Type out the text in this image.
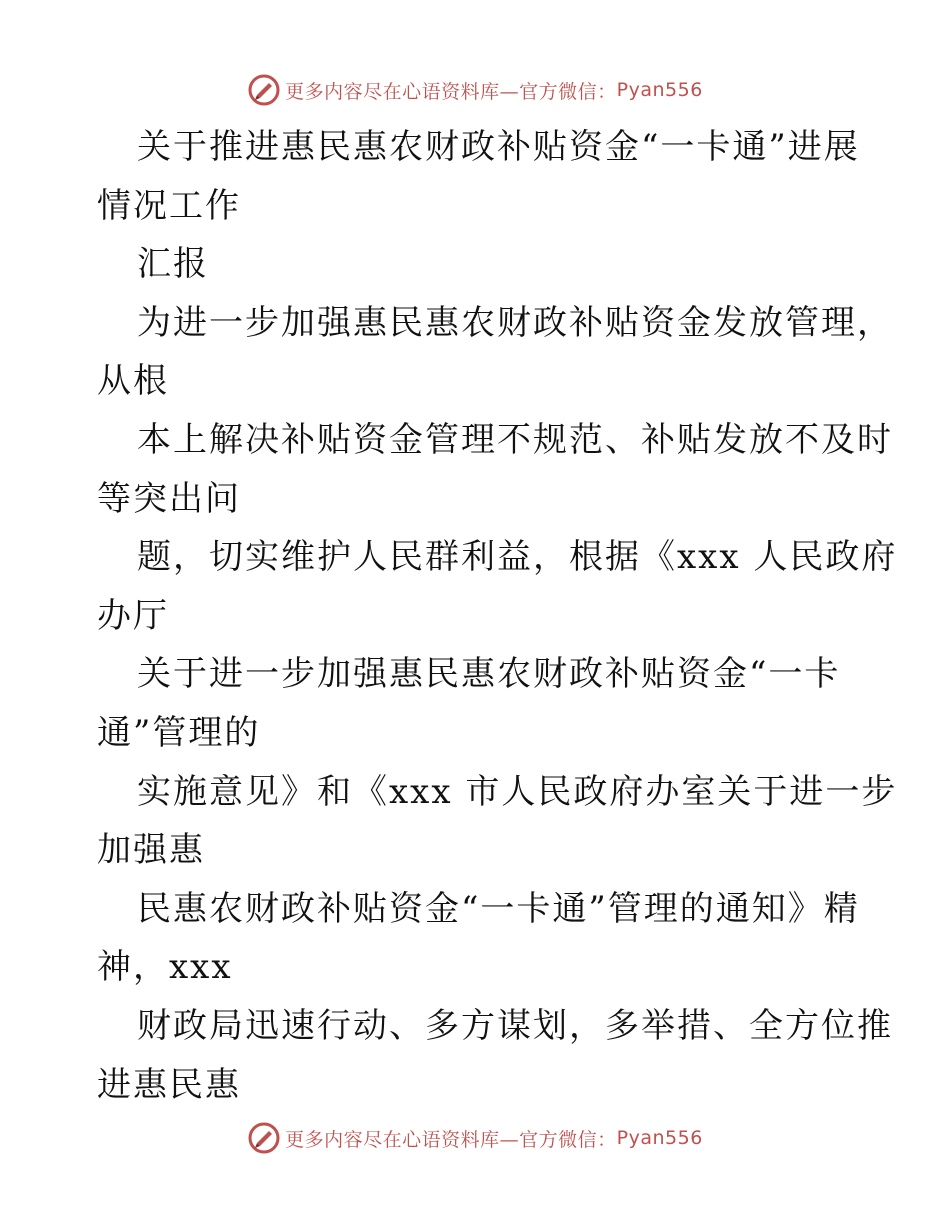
更多内容尽在心语资料库—官方微信： Pyan556
关于推进惠民惠农财政补贴资金“一卡通”进展
情况工作
汇报
为进一步加强惠民惠农财政补贴资金发放管理，
从根
本上解决补贴资金管理不规范、补贴发放不及时
等突出问
题，切实维护人民群利益，根据《xxx 人民政府
办厅
关于进一步加强惠民惠农财政补贴资金“一卡
通”管理的
实施意见》和《xxx 市人民政府办室关于进一步
加强惠
民惠农财政补贴资金“一卡通”管理的通知》精
神，xxx
财政局迅速行动、多方谋划，多举措、全方位推
进惠民惠
更多内容尽在心语资料库—官方微信： Pyan556
